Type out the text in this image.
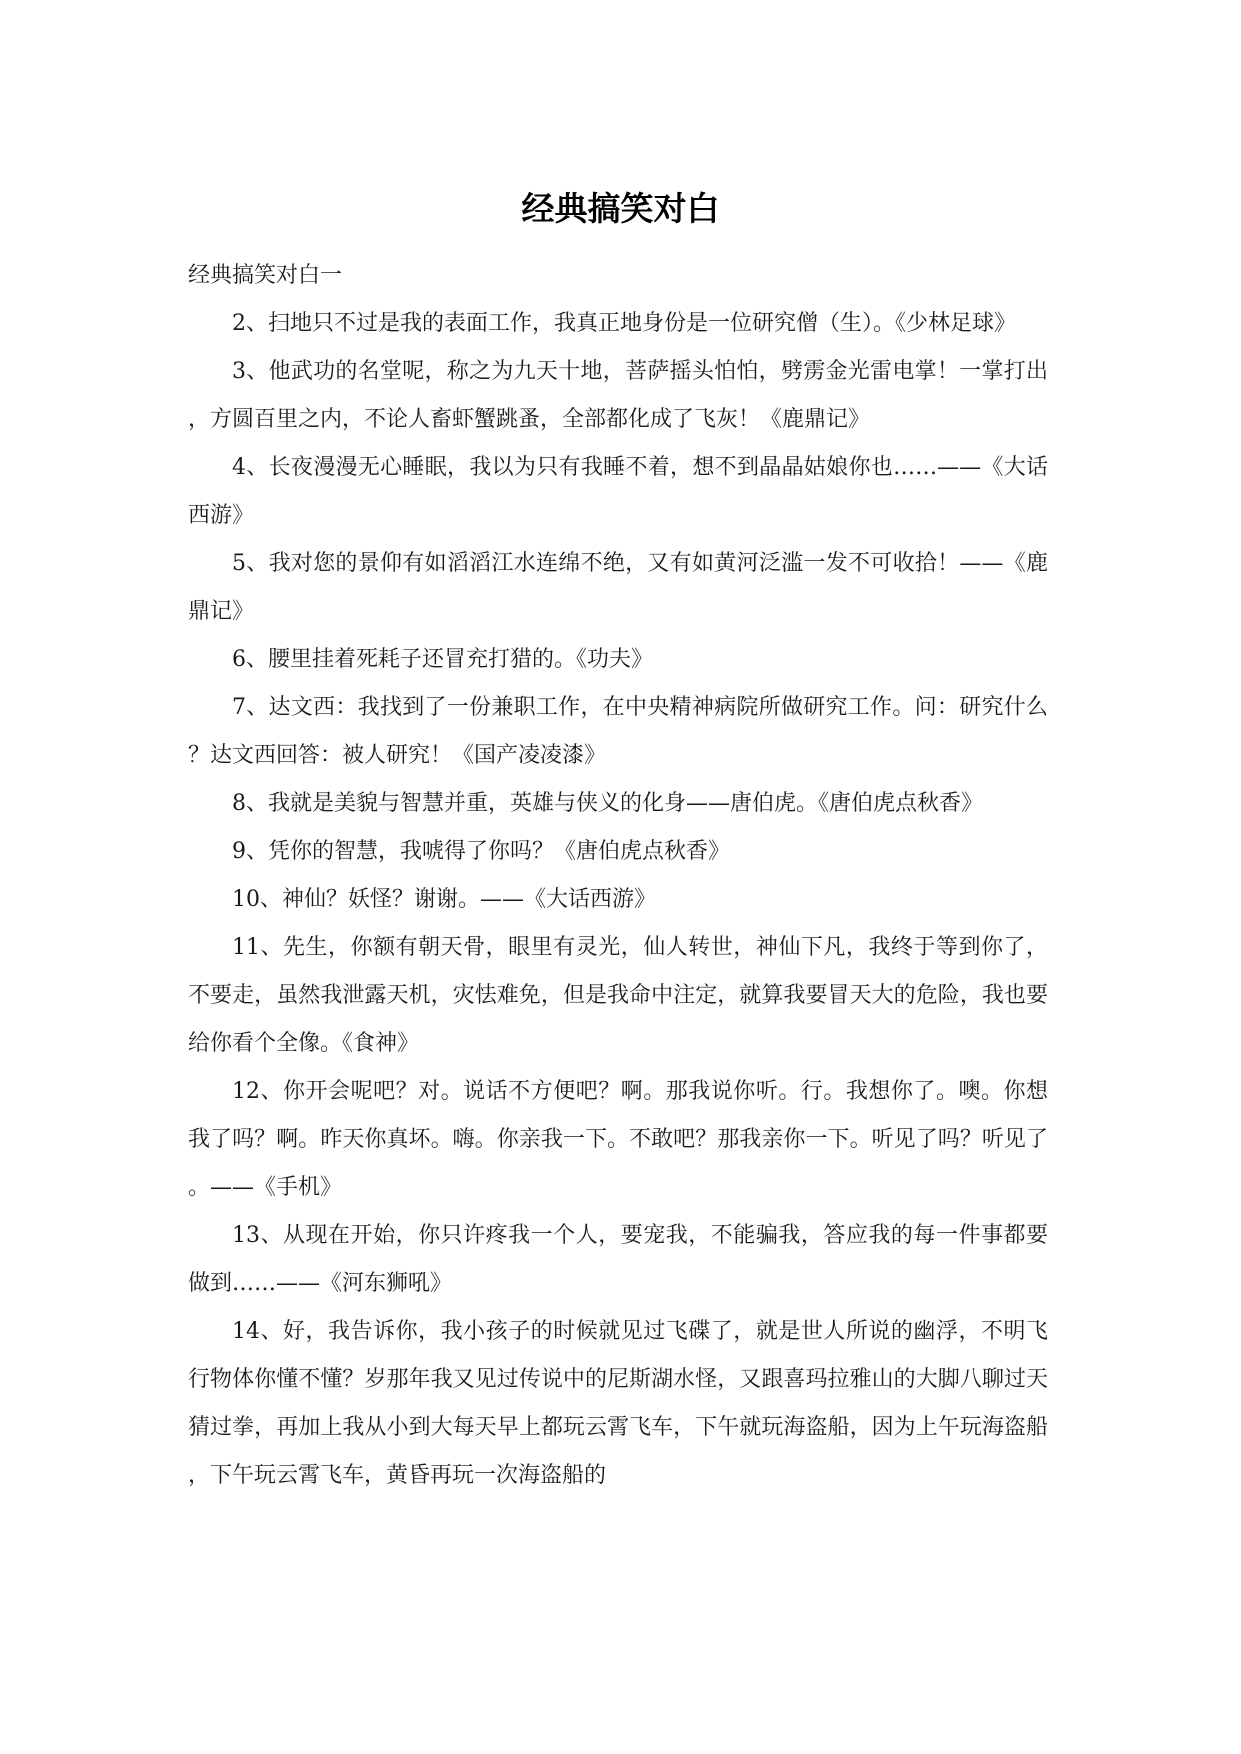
经典搞笑对白

经典搞笑对白一

2、扫地只不过是我的表面工作，我真正地身份是一位研究僧（生）。《少林足球》

3、他武功的名堂呢，称之为九天十地，菩萨摇头怕怕，劈雳金光雷电掌！一掌打出，方圆百里之内，不论人畜虾蟹跳蚤，全部都化成了飞灰！《鹿鼎记》

4、长夜漫漫无心睡眠，我以为只有我睡不着，想不到晶晶姑娘你也……——《大话西游》

5、我对您的景仰有如滔滔江水连绵不绝，又有如黄河泛滥一发不可收拾！——《鹿鼎记》

6、腰里挂着死耗子还冒充打猎的。《功夫》

7、达文西：我找到了一份兼职工作，在中央精神病院所做研究工作。问：研究什么？达文西回答：被人研究！《国产凌凌漆》

8、我就是美貌与智慧并重，英雄与侠义的化身——唐伯虎。《唐伯虎点秋香》

9、凭你的智慧，我唬得了你吗？《唐伯虎点秋香》

10、神仙？妖怪？谢谢。——《大话西游》

11、先生，你额有朝天骨，眼里有灵光，仙人转世，神仙下凡，我终于等到你了，不要走，虽然我泄露天机，灾怯难免，但是我命中注定，就算我要冒天大的危险，我也要给你看个全像。《食神》

12、你开会呢吧？对。说话不方便吧？啊。那我说你听。行。我想你了。噢。你想我了吗？啊。昨天你真坏。嗨。你亲我一下。不敢吧？那我亲你一下。听见了吗？听见了。——《手机》

13、从现在开始，你只许疼我一个人，要宠我，不能骗我，答应我的每一件事都要做到……——《河东狮吼》

14、好，我告诉你，我小孩子的时候就见过飞碟了，就是世人所说的幽浮，不明飞行物体你懂不懂？岁那年我又见过传说中的尼斯湖水怪，又跟喜玛拉雅山的大脚八聊过天猜过拳，再加上我从小到大每天早上都玩云霄飞车，下午就玩海盗船，因为上午玩海盗船，下午玩云霄飞车，黄昏再玩一次海盗船的
